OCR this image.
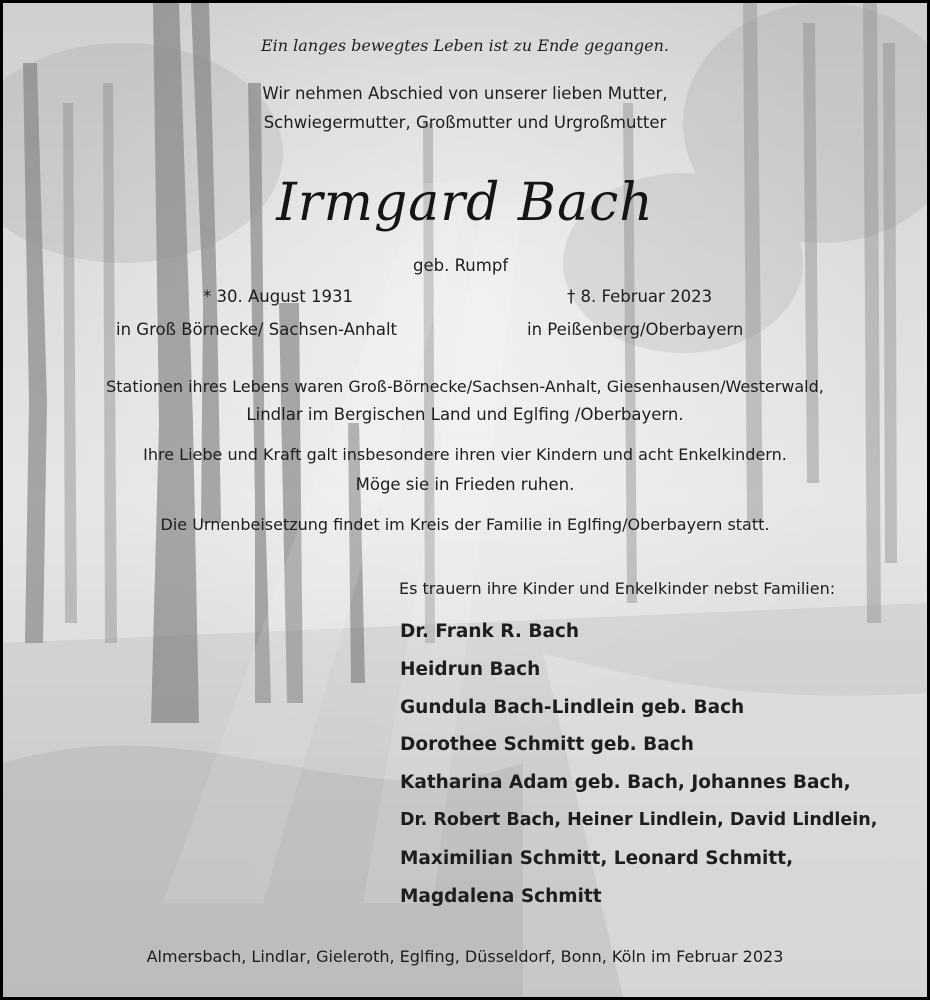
Ein langes bewegtes Leben ist zu Ende gegangen.
Wir nehmen Abschied von unserer lieben Mutter,
Schwiegermutter, Großmutter und Urgroßmutter
Irmgard Bach
geb. Rumpf
* 30. August 1931	† 8. Februar 2023
in Groß Börnecke/ Sachsen-Anhalt	in Peißenberg/Oberbayern
Stationen ihres Lebens waren Groß-Börnecke/Sachsen-Anhalt, Giesenhausen/Westerwald,
Lindlar im Bergischen Land und Eglfing /Oberbayern.
Ihre Liebe und Kraft galt insbesondere ihren vier Kindern und acht Enkelkindern.
Möge sie in Frieden ruhen.
Die Urnenbeisetzung findet im Kreis der Familie in Eglfing/Oberbayern statt.
Es trauern ihre Kinder und Enkelkinder nebst Familien:
Dr. Frank R. Bach
Heidrun Bach
Gundula Bach-Lindlein geb. Bach
Dorothee Schmitt geb. Bach
Katharina Adam geb. Bach, Johannes Bach,
Dr. Robert Bach, Heiner Lindlein, David Lindlein,
Maximilian Schmitt, Leonard Schmitt,
Magdalena Schmitt
Almersbach, Lindlar, Gieleroth, Eglfing, Düsseldorf, Bonn, Köln im Februar 2023
